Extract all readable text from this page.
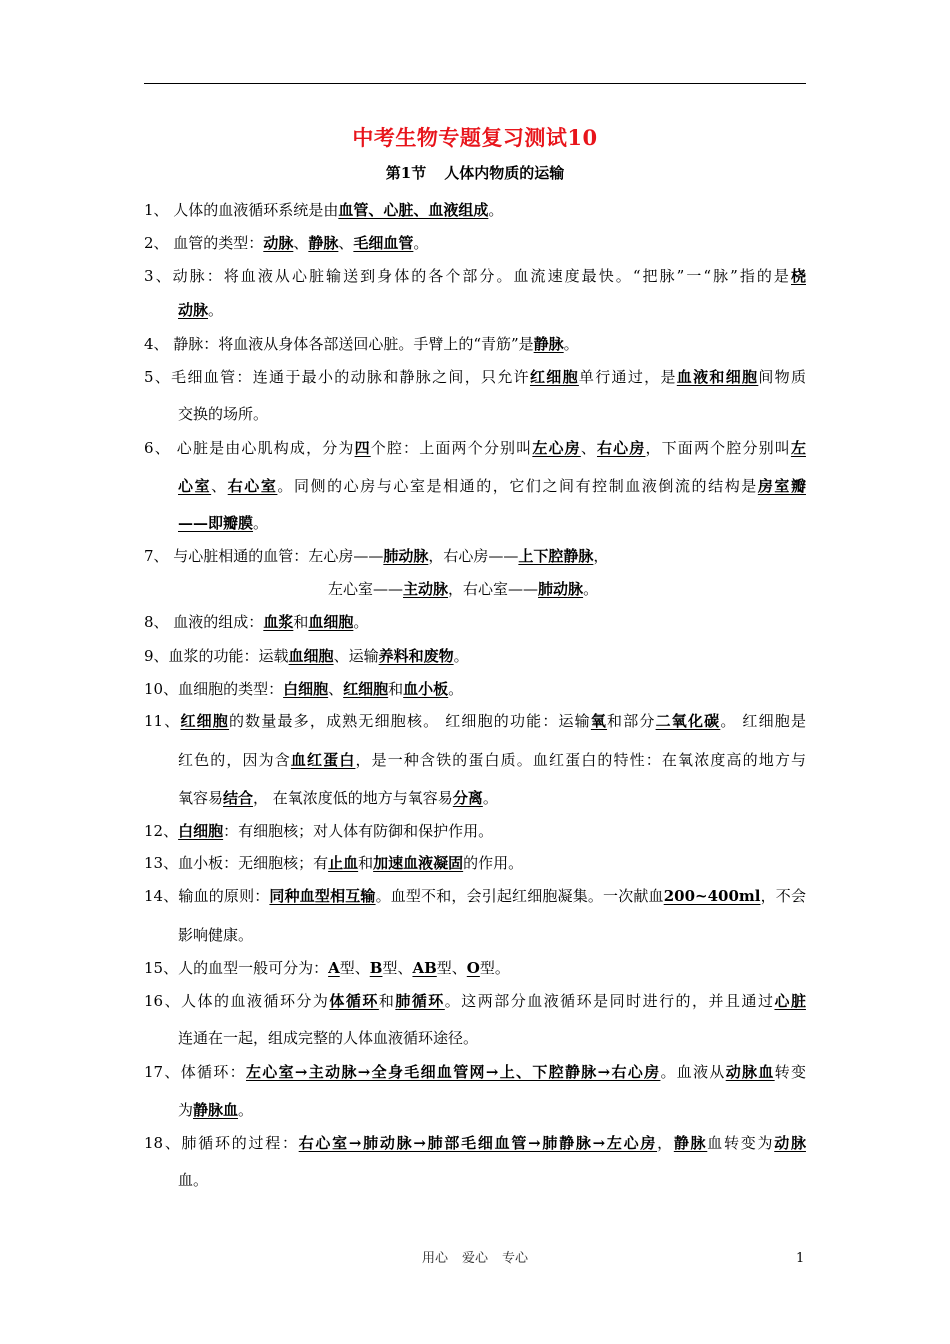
中考生物专题复习测试10
第1节 人体内物质的运输
1、 人体的血液循环系统是由血管、心脏、血液组成。
2、 血管的类型：动脉、静脉、毛细血管。
3、动脉：将血液从心脏输送到身体的各个部分。血流速度最快。“把脉”一“脉”指的是桡
动脉。
4、 静脉：将血液从身体各部送回心脏。手臂上的“青筋”是静脉。
5、毛细血管：连通于最小的动脉和静脉之间，只允许红细胞单行通过，是血液和细胞间物质
交换的场所。
6、 心脏是由心肌构成，分为四个腔：上面两个分别叫左心房、右心房，下面两个腔分别叫左
心室、右心室。同侧的心房与心室是相通的，它们之间有控制血液倒流的结构是房室瓣
——即瓣膜。
7、 与心脏相通的血管：左心房——肺动脉，右心房——上下腔静脉，
左心室——主动脉，右心室——肺动脉。
8、 血液的组成：血浆和血细胞。
9、血浆的功能：运载血细胞、运输养料和废物。
10、血细胞的类型：白细胞、红细胞和血小板。
11、红细胞的数量最多，成熟无细胞核。 红细胞的功能：运输氧和部分二氧化碳。 红细胞是
红色的，因为含血红蛋白，是一种含铁的蛋白质。血红蛋白的特性：在氧浓度高的地方与
氧容易结合， 在氧浓度低的地方与氧容易分离。
12、白细胞：有细胞核；对人体有防御和保护作用。
13、血小板：无细胞核；有止血和加速血液凝固的作用。
14、输血的原则：同种血型相互输。血型不和，会引起红细胞凝集。一次献血200~400ml，不会
影响健康。
15、人的血型一般可分为：A型、B型、AB型、O型。
16、人体的血液循环分为体循环和肺循环。这两部分血液循环是同时进行的，并且通过心脏
连通在一起，组成完整的人体血液循环途径。
17、体循环：左心室→主动脉→全身毛细血管网→上、下腔静脉→右心房。血液从动脉血转变
为静脉血。
18、肺循环的过程：右心室→肺动脉→肺部毛细血管→肺静脉→左心房，静脉血转变为动脉
血。
用心 爱心 专心	1
